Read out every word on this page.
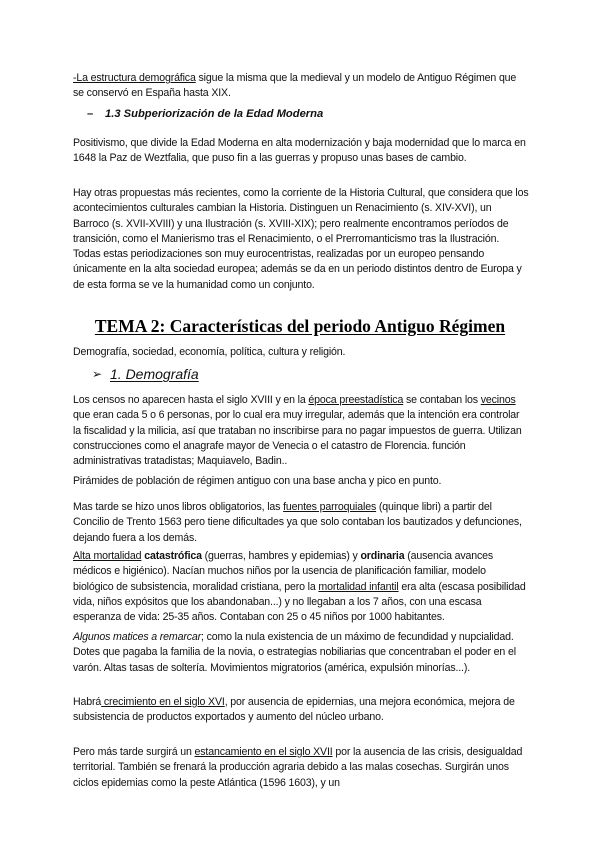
-La estructura demográfica sigue la misma que la medieval y un modelo de Antiguo Régimen que se conservó en España hasta XIX.

– 1.3 Subperiorización de la Edad Moderna

Positivismo, que divide la Edad Moderna en alta modernización y baja modernidad que lo marca en 1648 la Paz de Weztfalia, que puso fin a las guerras y propuso unas bases de cambio.

Hay otras propuestas más recientes, como la corriente de la Historia Cultural, que considera que los acontecimientos culturales cambian la Historia. Distinguen un Renacimiento (s. XIV-XVI), un Barroco (s. XVII-XVIII) y una Ilustración (s. XVIII-XIX); pero realmente encontramos períodos de transición, como el Manierismo tras el Renacimiento, o el Prerromanticismo tras la Ilustración. Todas estas periodizaciones son muy eurocentristas, realizadas por un europeo pensando únicamente en la alta sociedad europea; además se da en un periodo distintos dentro de Europa y de esta forma se ve la humanidad como un conjunto.

TEMA 2: Características del periodo Antiguo Régimen

Demografía, sociedad, economía, política, cultura y religión.

➢ 1. Demografía

Los censos no aparecen hasta el siglo XVIII y en la época preestadística se contaban los vecinos que eran cada 5 o 6 personas, por lo cual era muy irregular, además que la intención era controlar la fiscalidad y la milicia, así que trataban no inscribirse para no pagar impuestos de guerra. Utilizan construcciones como el anagrafe mayor de Venecia o el catastro de Florencia. función administrativas tratadistas; Maquiavelo, Badin..

Pirámides de población de régimen antiguo con una base ancha y pico en punto.

Mas tarde se hizo unos libros obligatorios, las fuentes parroquiales (quinque libri) a partir del Concilio de Trento 1563 pero tiene dificultades ya que solo contaban los bautizados y defunciones, dejando fuera a los demás.

Alta mortalidad catastrófica (guerras, hambres y epidemias) y ordinaria (ausencia avances médicos e higiénico). Nacían muchos niños por la usencia de planificación familiar, modelo biológico de subsistencia, moralidad cristiana, pero la mortalidad infantil era alta (escasa posibilidad vida, niños expósitos que los abandonaban...) y no llegaban a los 7 años, con una escasa esperanza de vida: 25-35 años. Contaban con 25 o 45 niños por 1000 habitantes.

Algunos matices a remarcar; como la nula existencia de un máximo de fecundidad y nupcialidad. Dotes que pagaba la familia de la novia, o estrategias nobiliarias que concentraban el poder en el varón. Altas tasas de soltería. Movimientos migratorios (américa, expulsión minorías...).

Habrá crecimiento en el siglo XVI, por ausencia de epidernias, una mejora económica, mejora de subsistencia de productos exportados y aumento del núcleo urbano.

Pero más tarde surgirá un estancamiento en el siglo XVII por la ausencia de las crisis, desigualdad territorial. También se frenará la producción agraria debido a las malas cosechas. Surgirán unos ciclos epidemias como la peste Atlántica (1596 1603), y un
